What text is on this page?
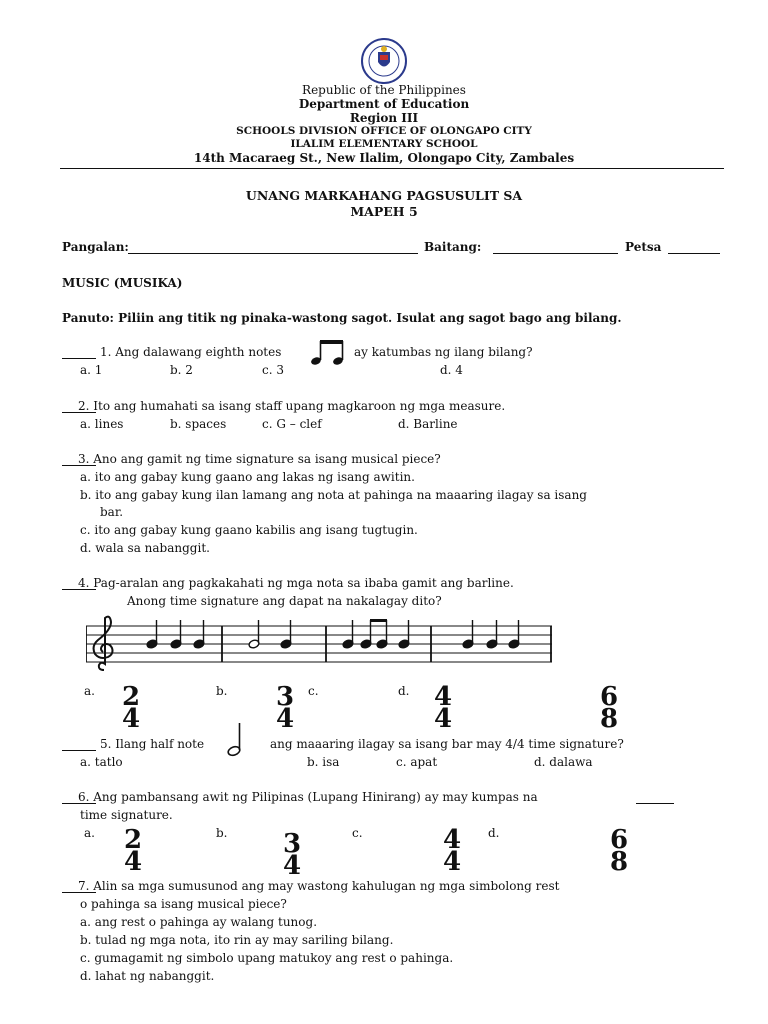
Republic of the Philippines
Department of Education
Region III
SCHOOLS DIVISION OFFICE OF OLONGAPO CITY
ILALIM ELEMENTARY SCHOOL
14th Macaraeg St., New Ilalim, Olongapo City, Zambales
UNANG MARKAHANG PAGSUSULIT SA
MAPEH 5
Pangalan:	Baitang:	Petsa
MUSIC (MUSIKA)
Panuto: Piliin ang titik ng pinaka-wastong sagot. Isulat ang sagot bago ang bilang.
1. Ang dalawang eighth notes	ay katumbas ng ilang bilang?
a. 1	b. 2	c. 3	d. 4
2. Ito ang humahati sa isang staff upang magkaroon ng mga measure.
a. lines	b. spaces	c. G – clef	d. Barline
3. Ano ang gamit ng time signature sa isang musical piece?
a. ito ang gabay kung gaano ang lakas ng isang awitin.
b. ito ang gabay kung ilan lamang ang nota at pahinga na maaaring ilagay sa isang
bar.
c. ito ang gabay kung gaano kabilis ang isang tugtugin.
d. wala sa nabanggit.
4. Pag-aralan ang pagkakahati ng mga nota sa ibaba gamit ang barline.
Anong time signature ang dapat na nakalagay dito?
a. 2
4
b. 3
4
c.	d. 4
4
6
8
5. Ilang half note	ang maaaring ilagay sa isang bar may 4/4 time signature?
a. tatlo	b. isa	c. apat	d. dalawa
6. Ang pambansang awit ng Pilipinas (Lupang Hinirang) ay may kumpas na
time signature.
a. 2
4
b. 3
4
c.	4
4
d.	6
8
7. Alin sa mga sumusunod ang may wastong kahulugan ng mga simbolong rest
o pahinga sa isang musical piece?
a. ang rest o pahinga ay walang tunog.
b. tulad ng mga nota, ito rin ay may sariling bilang.
c. gumagamit ng simbolo upang matukoy ang rest o pahinga.
d. lahat ng nabanggit.
